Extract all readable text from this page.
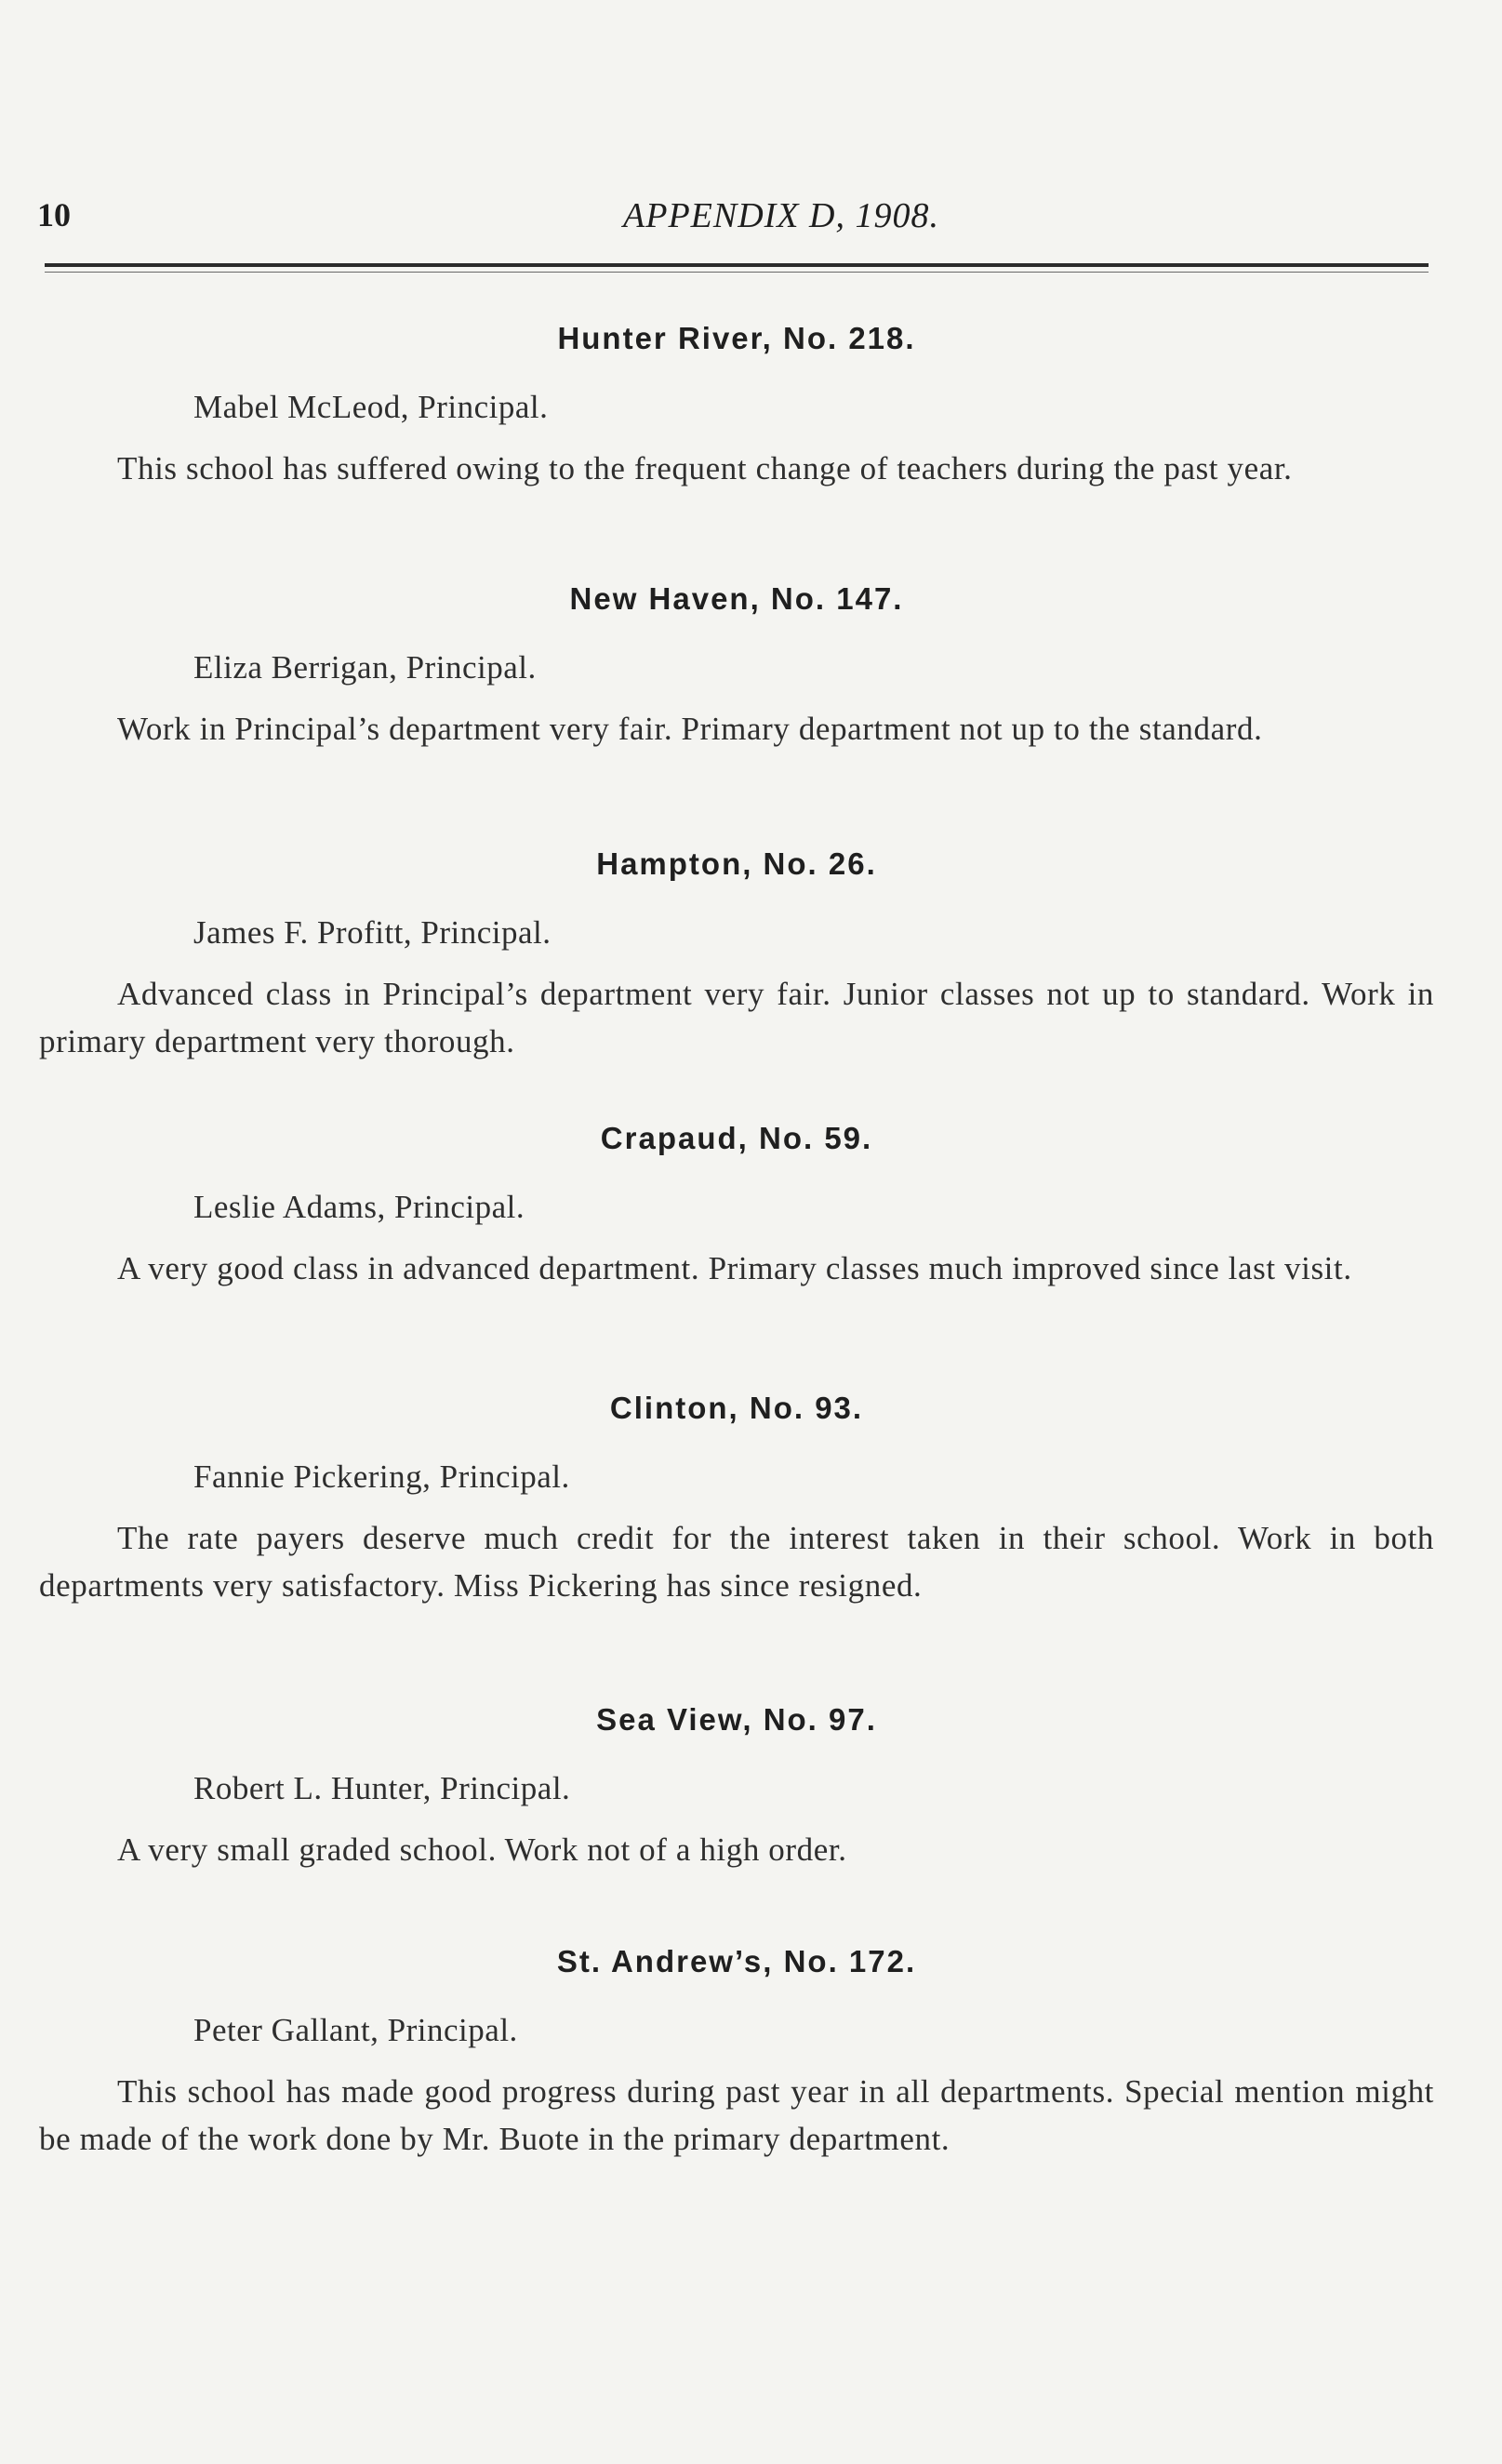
10	APPENDIX D, 1908.
Hunter River, No. 218.
Mabel McLeod, Principal.
This school has suffered owing to the frequent change of teachers during the past year.
New Haven, No. 147.
Eliza Berrigan, Principal.
Work in Principal’s department very fair. Primary department not up to the standard.
Hampton, No. 26.
James F. Profitt, Principal.
Advanced class in Principal’s department very fair. Junior classes not up to standard. Work in primary department very thorough.
Crapaud, No. 59.
Leslie Adams, Principal.
A very good class in advanced department. Primary classes much improved since last visit.
Clinton, No. 93.
Fannie Pickering, Principal.
The rate payers deserve much credit for the interest taken in their school. Work in both departments very satisfactory. Miss Pickering has since resigned.
Sea View, No. 97.
Robert L. Hunter, Principal.
A very small graded school. Work not of a high order.
St. Andrew’s, No. 172.
Peter Gallant, Principal.
This school has made good progress during past year in all departments. Special mention might be made of the work done by Mr. Buote in the primary department.
